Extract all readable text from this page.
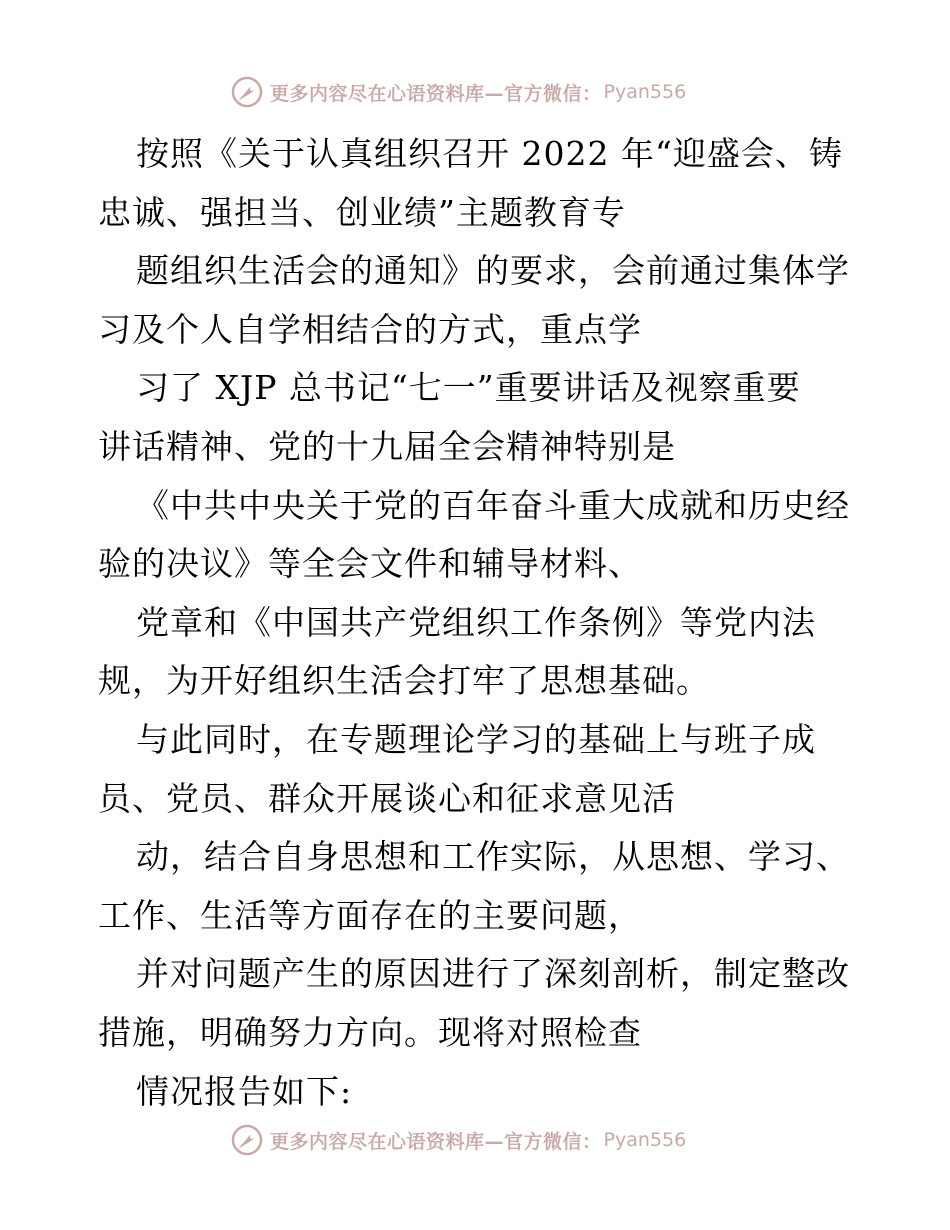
更多内容尽在心语资料库—官方微信： Pyan556

按照《关于认真组织召开 2022 年“迎盛会、铸

忠诚、强担当、创业绩”主题教育专

题组织生活会的通知》的要求，会前通过集体学

习及个人自学相结合的方式，重点学

习了 XJP 总书记“七一”重要讲话及视察重要

讲话精神、党的十九届全会精神特别是

《中共中央关于党的百年奋斗重大成就和历史经

验的决议》等全会文件和辅导材料、

党章和《中国共产党组织工作条例》等党内法

规，为开好组织生活会打牢了思想基础。

与此同时，在专题理论学习的基础上与班子成

员、党员、群众开展谈心和征求意见活

动，结合自身思想和工作实际，从思想、学习、

工作、生活等方面存在的主要问题，

并对问题产生的原因进行了深刻剖析，制定整改

措施，明确努力方向。现将对照检查

情况报告如下:

更多内容尽在心语资料库—官方微信： Pyan556
